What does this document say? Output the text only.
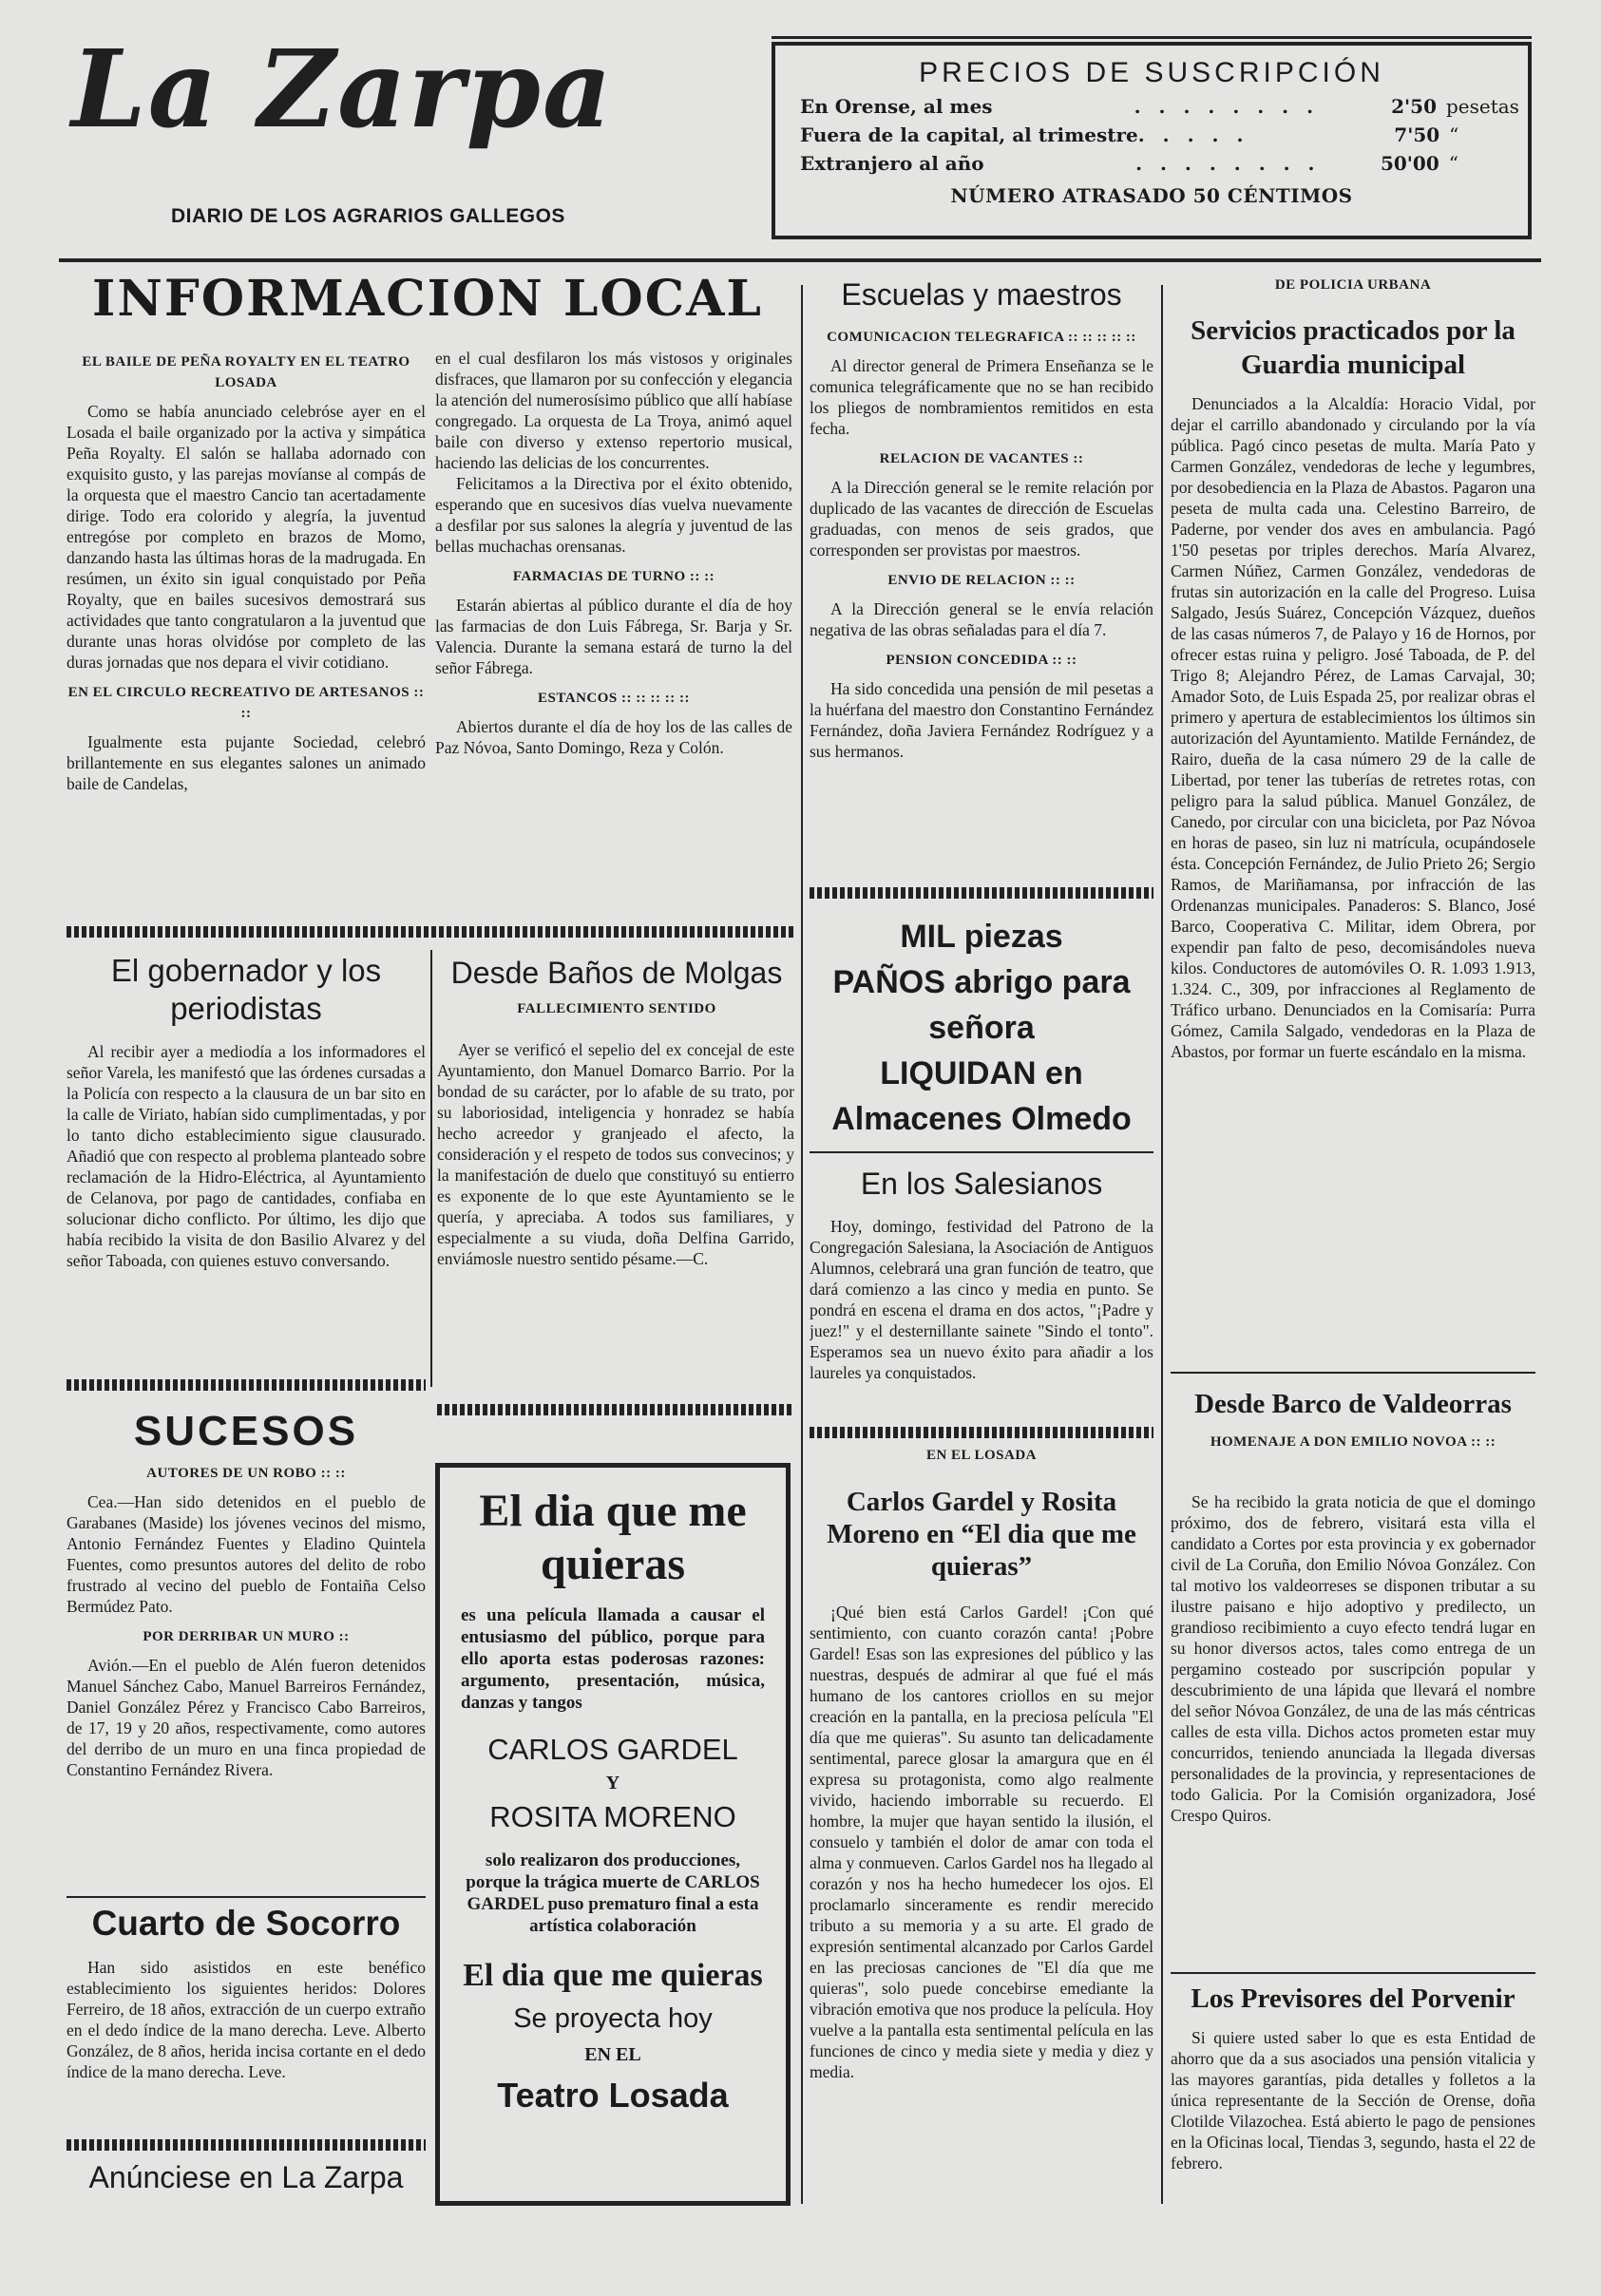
La Zarpa
DIARIO DE LOS AGRARIOS GALLEGOS
PRECIOS DE SUSCRIPCIÓN
En Orense, al mes	. . . . . . . .	2'50 pesetas
Fuera de la capital, al trimestre . . . . .	7'50 “
Extranjero al año	. . . . . . . .	50'00 “
NÚMERO ATRASADO 50 CÉNTIMOS
INFORMACION LOCAL
EL BAILE DE PEÑA ROYALTY EN EL TEATRO LOSADA

Como se había anunciado celebróse ayer en el Losada el baile organizado por la activa y simpática Peña Royalty. El salón se hallaba adornado con exquisito gusto, y las parejas movíanse al compás de la orquesta que el maestro Cancio tan acertadamente dirige. Todo era colorido y alegría, la juventud entregóse por completo en brazos de Momo, danzando hasta las últimas horas de la madrugada. En resúmen, un éxito sin igual conquistado por Peña Royalty, que en bailes sucesivos demostrará sus actividades que tanto congratularon a la juventud que durante unas horas olvidóse por completo de las duras jornadas que nos depara el vivir cotidiano.

EN EL CIRCULO RECREATIVO DE ARTESANOS :: ::

Igualmente esta pujante Sociedad, celebró brillantemente en sus elegantes salones un animado baile de Candelas,

en el cual desfilaron los más vistosos y originales disfraces, que llamaron por su confección y elegancia la atención del numerosísimo público que allí habíase congregado. La orquesta de La Troya, animó aquel baile con diverso y extenso repertorio musical, haciendo las delicias de los concurrentes.

Felicitamos a la Directiva por el éxito obtenido, esperando que en sucesivos días vuelva nuevamente a desfilar por sus salones la alegría y juventud de las bellas muchachas orensanas.

FARMACIAS DE TURNO :: ::

Estarán abiertas al público durante el día de hoy las farmacias de don Luis Fábrega, Sr. Barja y Sr. Valencia. Durante la semana estará de turno la del señor Fábrega.

ESTANCOS :: :: :: :: ::

Abiertos durante el día de hoy los de las calles de Paz Nóvoa, Santo Domingo, Reza y Colón.

Escuelas y maestros
COMUNICACION TELEGRAFICA :: :: :: :: ::

Al director general de Primera Enseñanza se le comunica telegráficamente que no se han recibido los pliegos de nombramientos remitidos en esta fecha.

RELACION DE VACANTES ::

A la Dirección general se le remite relación por duplicado de las vacantes de dirección de Escuelas graduadas, con menos de seis grados, que corresponden ser provistas por maestros.

ENVIO DE RELACION :: ::

A la Dirección general se le envía relación negativa de las obras señaladas para el día 7.

PENSION CONCEDIDA :: ::

Ha sido concedida una pensión de mil pesetas a la huérfana del maestro don Constantino Fernández Fernández, doña Javiera Fernández Rodríguez y a sus hermanos.

MIL piezas
PAÑOS abrigo para
señora
LIQUIDAN en
Almacenes Olmedo
En los Salesianos

Hoy, domingo, festividad del Patrono de la Congregación Salesiana, la Asociación de Antiguos Alumnos, celebrará una gran función de teatro, que dará comienzo a las cinco y media en punto. Se pondrá en escena el drama en dos actos, "¡Padre y juez!" y el desternillante sainete "Sindo el tonto". Esperamos sea un nuevo éxito para añadir a los laureles ya conquistados.

EN EL LOSADA
Carlos Gardel y Rosita Moreno en “El dia que me quieras”

¡Qué bien está Carlos Gardel! ¡Con qué sentimiento, con cuanto corazón canta! ¡Pobre Gardel! Esas son las expresiones del público y las nuestras, después de admirar al que fué el más humano de los cantores criollos en su mejor creación en la pantalla, en la preciosa película "El día que me quieras". Su asunto tan delicadamente sentimental, parece glosar la amargura que en él expresa su protagonista, como algo realmente vivido, haciendo imborrable su recuerdo. El hombre, la mujer que hayan sentido la ilusión, el consuelo y también el dolor de amar con toda el alma y conmueven. Carlos Gardel nos ha llegado al corazón y nos ha hecho humedecer los ojos. El proclamarlo sinceramente es rendir merecido tributo a su memoria y a su arte. El grado de expresión sentimental alcanzado por Carlos Gardel en las preciosas canciones de "El día que me quieras", solo puede concebirse emediante la vibración emotiva que nos produce la película. Hoy vuelve a la pantalla esta sentimental película en las funciones de cinco y media siete y media y diez y media.

DE POLICIA URBANA
Servicios practicados por la Guardia municipal

Denunciados a la Alcaldía: Horacio Vidal, por dejar el carrillo abandonado y circulando por la vía pública. Pagó cinco pesetas de multa. María Pato y Carmen González, vendedoras de leche y legumbres, por desobediencia en la Plaza de Abastos. Pagaron una peseta de multa cada una. Celestino Barreiro, de Paderne, por vender dos aves en ambulancia. Pagó 1'50 pesetas por triples derechos. María Alvarez, Carmen Núñez, Carmen González, vendedoras de frutas sin autorización en la calle del Progreso. Luisa Salgado, Jesús Suárez, Concepción Vázquez, dueños de las casas números 7, de Palayo y 16 de Hornos, por ofrecer estas ruina y peligro. José Taboada, de P. del Trigo 8; Alejandro Pérez, de Lamas Carvajal, 30; Amador Soto, de Luis Espada 25, por realizar obras el primero y apertura de establecimientos los últimos sin autorización del Ayuntamiento. Matilde Fernández, de Rairo, dueña de la casa número 29 de la calle de Libertad, por tener las tuberías de retretes rotas, con peligro para la salud pública. Manuel González, de Canedo, por circular con una bicicleta, por Paz Nóvoa en horas de paseo, sin luz ni matrícula, ocupándosele ésta. Concepción Fernández, de Julio Prieto 26; Sergio Ramos, de Mariñamansa, por infracción de las Ordenanzas municipales. Panaderos: S. Blanco, José Barco, Cooperativa C. Militar, idem Obrera, por expendir pan falto de peso, decomisándoles nueva kilos. Conductores de automóviles O. R. 1.093 1.913, 1.324. C., 309, por infracciones al Reglamento de Tráfico urbano. Denunciados en la Comisaría: Purra Gómez, Camila Salgado, vendedoras en la Plaza de Abastos, por formar un fuerte escándalo en la misma.

Desde Barco de Valdeorras
HOMENAJE A DON EMILIO NOVOA :: ::

Se ha recibido la grata noticia de que el domingo próximo, dos de febrero, visitará esta villa el candidato a Cortes por esta provincia y ex gobernador civil de La Coruña, don Emilio Nóvoa González. Con tal motivo los valdeorreses se disponen tributar a su ilustre paisano e hijo adoptivo y predilecto, un grandioso recibimiento a cuyo efecto tendrá lugar en su honor diversos actos, tales como entrega de un pergamino costeado por suscripción popular y descubrimiento de una lápida que llevará el nombre del señor Nóvoa González, de una de las más céntricas calles de esta villa. Dichos actos prometen estar muy concurridos, teniendo anunciada la llegada diversas personalidades de la provincia, y representaciones de todo Galicia. Por la Comisión organizadora, José Crespo Quiros.

Los Previsores del Porvenir

Si quiere usted saber lo que es esta Entidad de ahorro que da a sus asociados una pensión vitalicia y las mayores garantías, pida detalles y folletos a la única representante de la Sección de Orense, doña Clotilde Vilazochea. Está abierto le pago de pensiones en la Oficinas local, Tiendas 3, segundo, hasta el 22 de febrero.

El gobernador y los periodistas

Al recibir ayer a mediodía a los informadores el señor Varela, les manifestó que las órdenes cursadas a la Policía con respecto a la clausura de un bar sito en la calle de Viriato, habían sido cumplimentadas, y por lo tanto dicho establecimiento sigue clausurado. Añadió que con respecto al problema planteado sobre reclamación de la Hidro-Eléctrica, al Ayuntamiento de Celanova, por pago de cantidades, confiaba en solucionar dicho conflicto. Por último, les dijo que había recibido la visita de don Basilio Alvarez y del señor Taboada, con quienes estuvo conversando.

Desde Baños de Molgas
FALLECIMIENTO SENTIDO

Ayer se verificó el sepelio del ex concejal de este Ayuntamiento, don Manuel Domarco Barrio. Por la bondad de su carácter, por lo afable de su trato, por su laboriosidad, inteligencia y honradez se había hecho acreedor y granjeado el afecto, la consideración y el respeto de todos sus convecinos; y la manifestación de duelo que constituyó su entierro es exponente de lo que este Ayuntamiento se le quería, y apreciaba. A todos sus familiares, y especialmente a su viuda, doña Delfina Garrido, enviámosle nuestro sentido pésame.—C.

SUCESOS
AUTORES DE UN ROBO :: ::

Cea.—Han sido detenidos en el pueblo de Garabanes (Maside) los jóvenes vecinos del mismo, Antonio Fernández Fuentes y Eladino Quintela Fuentes, como presuntos autores del delito de robo frustrado al vecino del pueblo de Fontaiña Celso Bermúdez Pato.

POR DERRIBAR UN MURO ::

Avión.—En el pueblo de Alén fueron detenidos Manuel Sánchez Cabo, Manuel Barreiros Fernández, Daniel González Pérez y Francisco Cabo Barreiros, de 17, 19 y 20 años, respectivamente, como autores del derribo de un muro en una finca propiedad de Constantino Fernández Rivera.

Cuarto de Socorro

Han sido asistidos en este benéfico establecimiento los siguientes heridos: Dolores Ferreiro, de 18 años, extracción de un cuerpo extraño en el dedo índice de la mano derecha. Leve. Alberto González, de 8 años, herida incisa cortante en el dedo índice de la mano derecha. Leve.

Anúnciese en La Zarpa
El dia que me quieras
es una película llamada a causar el entusiasmo del público, porque para ello aporta estas poderosas razones: argumento, presentación, música, danzas y tangos
CARLOS GARDEL
Y
ROSITA MORENO
solo realizaron dos producciones, porque la trágica muerte de CARLOS GARDEL puso prematuro final a esta artística colaboración
El dia que me quieras
Se proyecta hoy
EN EL
Teatro Losada
